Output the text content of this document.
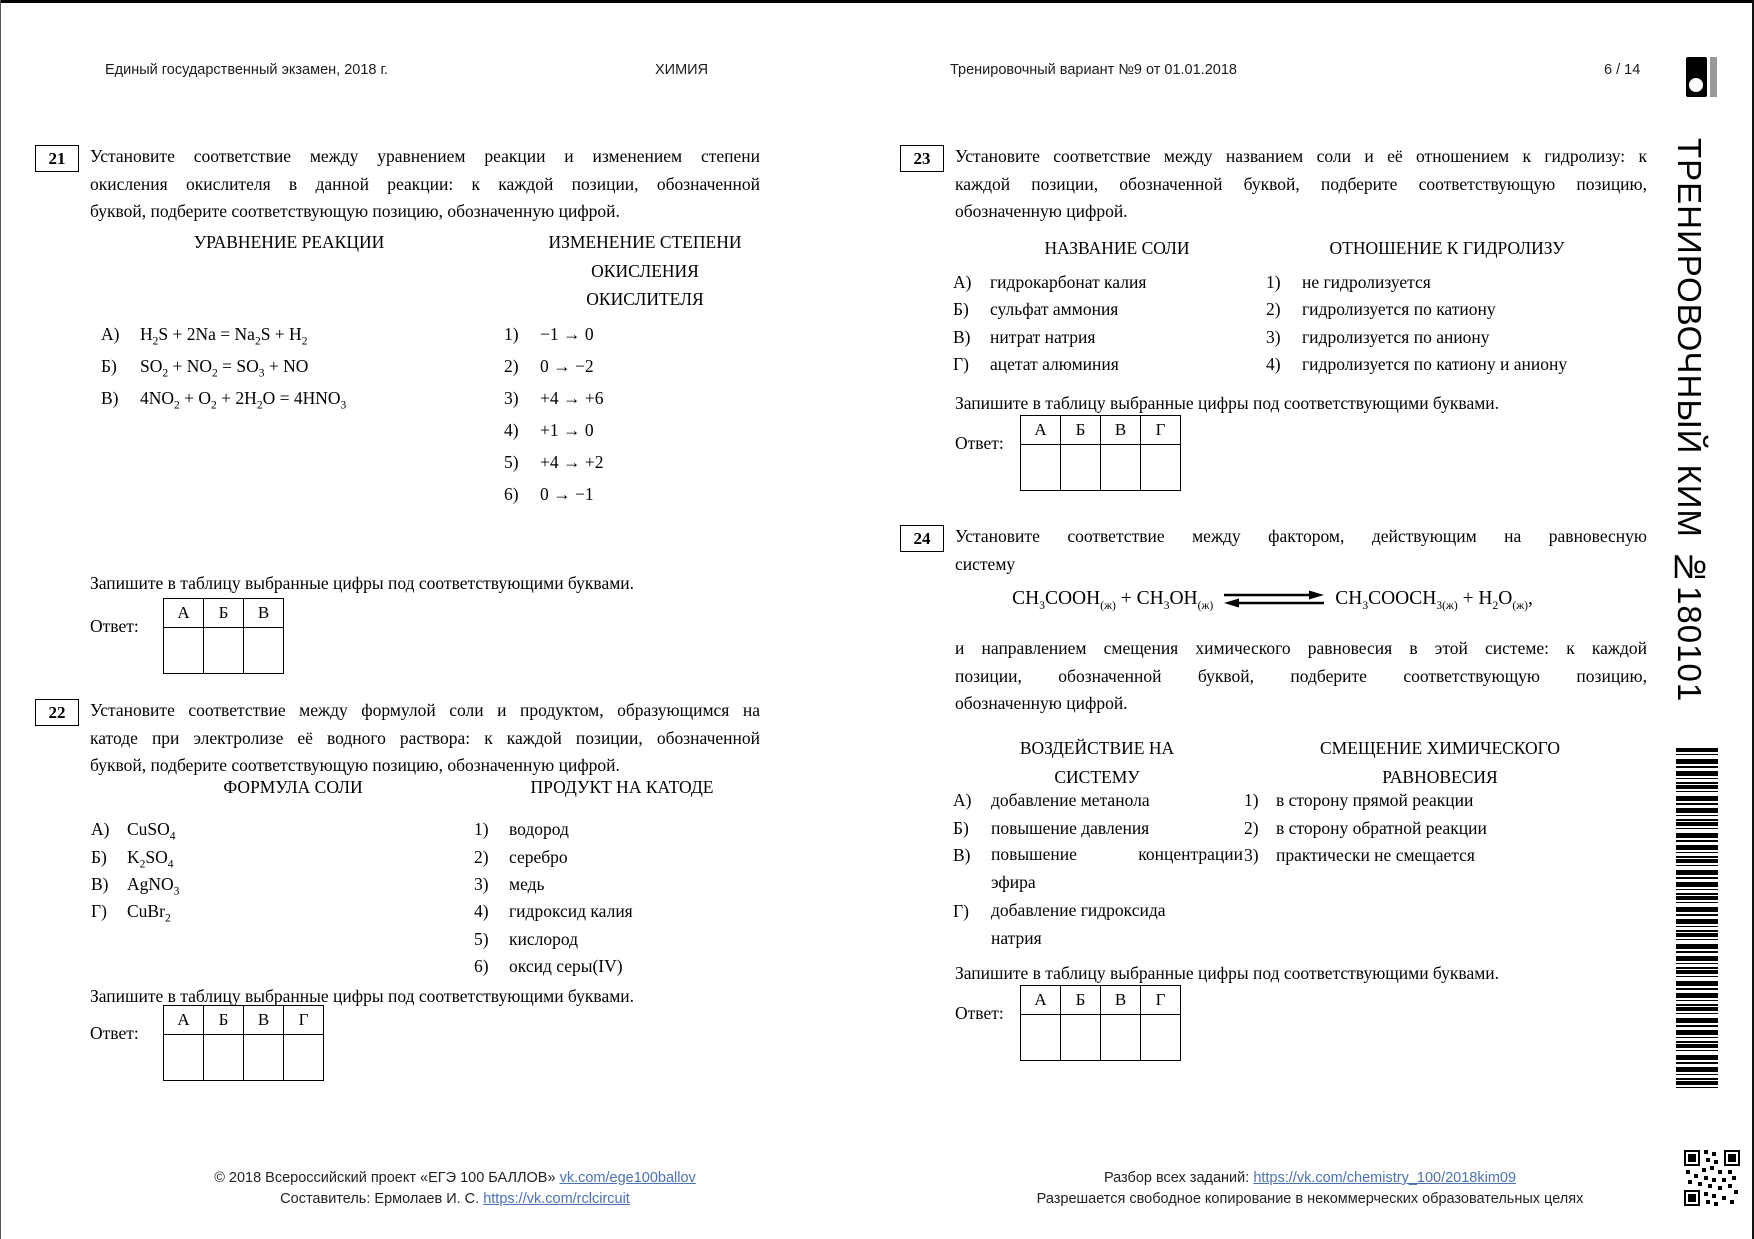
Единый государственный экзамен, 2018 г.	ХИМИЯ	Тренировочный вариант №9 от 01.01.2018	6 / 14
21	Установите соответствие между уравнением реакции и изменением степени
окисления окислителя в данной реакции: к каждой позиции, обозначенной
буквой, подберите соответствующую позицию, обозначенную цифрой.
УРАВНЕНИЕ РЕАКЦИИ	ИЗМЕНЕНИЕ СТЕПЕНИ
ОКИСЛЕНИЯ
ОКИСЛИТЕЛЯ
А) $H_2S + 2Na = Na_2S + H_2$	1) −1 → 0
Б) $SO_2 + NO_2 = SO_3$ + NO	2) 0 → −2
В) $4NO_2 + O_2 + 2H_2O = 4HNO_3$	3) +4 → +6
4) +1 → 0
5) +4 → +2
6) 0 → −1
Запишите в таблицу выбранные цифры под соответствующими буквами.
Ответ:
А	Б	В

22	Установите соответствие между формулой соли и продуктом, образующимся на
катоде при электролизе её водного раствора: к каждой позиции, обозначенной
буквой, подберите соответствующую позицию, обозначенную цифрой.
ФОРМУЛА СОЛИ	ПРОДУКТ НА КАТОДЕ
А) CuSO$_4$	1) водород
Б) $K_2SO_4$	2) серебро
В) AgNO$_3$	3) медь
Г) CuBr$_2$	4) гидроксид калия
5) кислород
6) оксид серы(IV)
Запишите в таблицу выбранные цифры под соответствующими буквами.
Ответ:
А	Б	В	Г

23	Установите соответствие между названием соли и её отношением к гидролизу: к
каждой позиции, обозначенной буквой, подберите соответствующую позицию,
обозначенную цифрой.
НАЗВАНИЕ СОЛИ	ОТНОШЕНИЕ К ГИДРОЛИЗУ
А) гидрокарбонат калия	1) не гидролизуется
Б) сульфат аммония	2) гидролизуется по катиону
В) нитрат натрия	3) гидролизуется по аниону
Г) ацетат алюминия	4) гидролизуется по катиону и аниону
Запишите в таблицу выбранные цифры под соответствующими буквами.
Ответ:
А	Б	В	Г

24	Установите соответствие между фактором, действующим на равновесную
систему
$CH_3COOH_{(ж)} + CH_3OH_{(ж)}$	$CH_3COOCH_{3(ж)} + H_2O_{(ж)}$,
и направлением смещения химического равновесия в этой системе: к каждой
позиции, обозначенной буквой, подберите соответствующую позицию,
обозначенную цифрой.
ВОЗДЕЙСТВИЕ НА
СИСТЕМУ
СМЕЩЕНИЕ ХИМИЧЕСКОГО
РАВНОВЕСИЯ
А) добавление метанола	1) в сторону прямой реакции
Б) повышение давления	2) в сторону обратной реакции
В) повышение концентрации
эфира
3) практически не смещается
Г) добавление гидроксида
натрия
Запишите в таблицу выбранные цифры под соответствующими буквами.
Ответ:
А	Б	В	Г

© 2018 Всероссийский проект «ЕГЭ 100 БАЛЛОВ» vk.com/ege100ballov
Составитель: Ермолаев И. С. https://vk.com/rclcircuit
Разбор всех заданий: https://vk.com/chemistry_100/2018kim09
Разрешается свободное копирование в некоммерческих образовательных целях
ТРЕНИРОВОЧНЫЙ КИМ №180101
